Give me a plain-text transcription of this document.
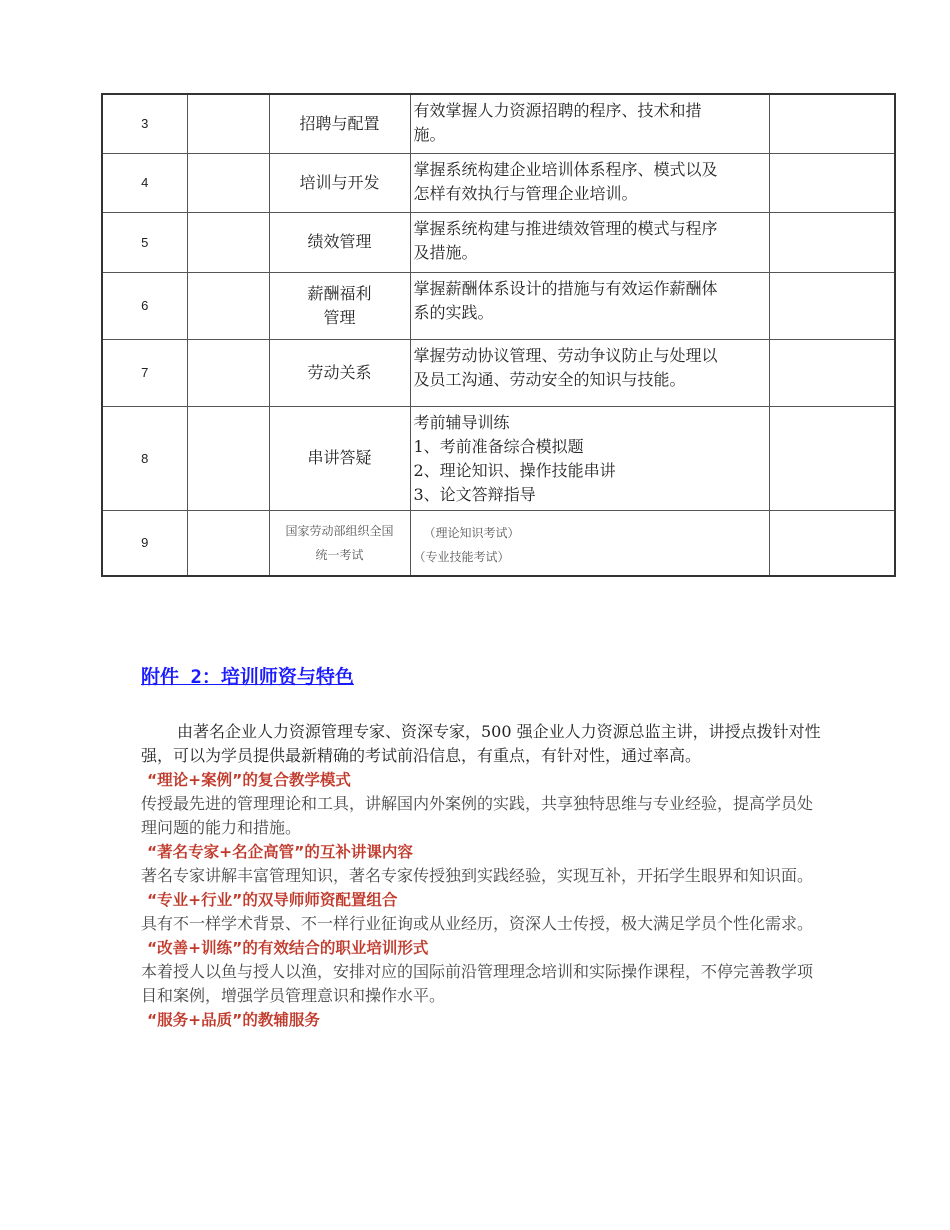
3		招聘与配置	有效掌握人力资源招聘的程序、技术和措
施。	

4		培训与开发	掌握系统构建企业培训体系程序、模式以及
怎样有效执行与管理企业培训。	

5		绩效管理	掌握系统构建与推进绩效管理的模式与程序
及措施。	

6		薪酬福利
管理	掌握薪酬体系设计的措施与有效运作薪酬体
系的实践。	

7		劳动关系	掌握劳动协议管理、劳动争议防止与处理以
及员工沟通、劳动安全的知识与技能。	

8		串讲答疑	考前辅导训练
1、考前准备综合模拟题
2、理论知识、操作技能串讲
3、论文答辩指导	

9		国家劳动部组织全国
统一考试	（理论知识考试）
（专业技能考试）	

附件 2：培训师资与特色

由著名企业人力资源管理专家、资深专家，500 强企业人力资源总监主讲，讲授点拨针对性强，可以为学员提供最新精确的考试前沿信息，有重点，有针对性，通过率高。

“理论+案例”的复合教学模式

传授最先进的管理理论和工具，讲解国内外案例的实践，共享独特思维与专业经验，提高学员处理问题的能力和措施。

“著名专家+名企高管”的互补讲课内容

著名专家讲解丰富管理知识，著名专家传授独到实践经验，实现互补，开拓学生眼界和知识面。

“专业+行业”的双导师师资配置组合

具有不一样学术背景、不一样行业征询或从业经历，资深人士传授，极大满足学员个性化需求。

“改善+训练”的有效结合的职业培训形式

本着授人以鱼与授人以渔，安排对应的国际前沿管理理念培训和实际操作课程，不停完善教学项目和案例，增强学员管理意识和操作水平。

“服务+品质”的教辅服务
